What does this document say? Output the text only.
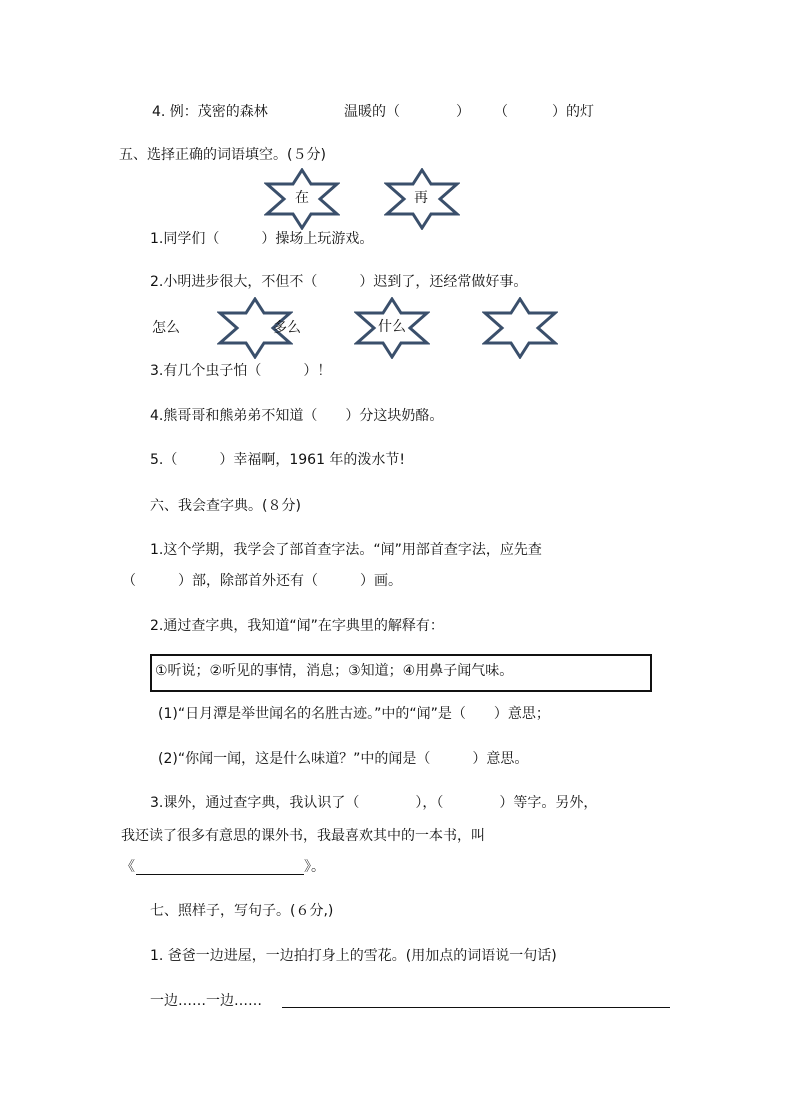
4. 例：茂密的森林	温暖的（	） （	）的灯
五、选择正确的词语填空。(５分)
在	再
1.同学们（　　　）操场上玩游戏。
2.小明进步很大，不但不（　　　）迟到了，还经常做好事。
怎么	多么	什么
3.有几个虫子怕（　　　）！
4.熊哥哥和熊弟弟不知道（　　）分这块奶酪。
5.（　　　）幸福啊，1961 年的泼水节!
六、我会查字典。(８分)
1.这个学期，我学会了部首查字法。“闻”用部首查字法，应先查
（　　　）部，除部首外还有（　　　）画。
2.通过查字典，我知道“闻”在字典里的解释有：
①听说；②听见的事情，消息；③知道；④用鼻子闻气味。
(1)“日月潭是举世闻名的名胜古迹。”中的“闻”是（　　）意思；
(2)“你闻一闻，这是什么味道？”中的闻是（　　　）意思。
3.课外，通过查字典，我认识了（　　　　），（　　　　）等字。另外，
我还读了很多有意思的课外书，我最喜欢其中的一本书，叫
《	》。
七、照样子，写句子。(６分,)
1. 爸爸一边进屋，一边拍打身上的雪花。(用加点的词语说一句话)
一边……一边……
